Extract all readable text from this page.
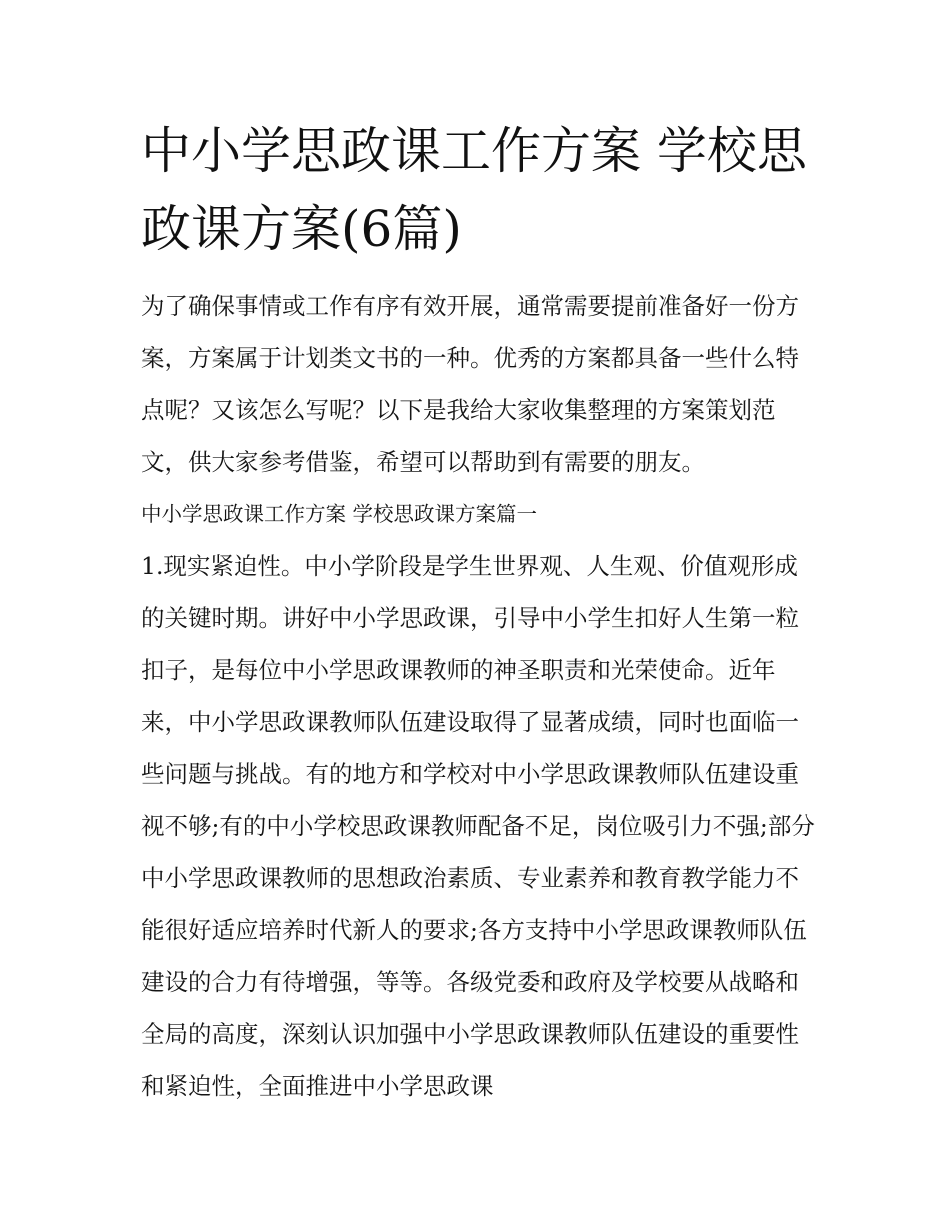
中小学思政课工作方案 学校思政课方案(6篇)

为了确保事情或工作有序有效开展，通常需要提前准备好一份方案，方案属于计划类文书的一种。优秀的方案都具备一些什么特点呢？又该怎么写呢？以下是我给大家收集整理的方案策划范文，供大家参考借鉴，希望可以帮助到有需要的朋友。

中小学思政课工作方案 学校思政课方案篇一

1.现实紧迫性。中小学阶段是学生世界观、人生观、价值观形成的关键时期。讲好中小学思政课，引导中小学生扣好人生第一粒扣子，是每位中小学思政课教师的神圣职责和光荣使命。近年来，中小学思政课教师队伍建设取得了显著成绩，同时也面临一些问题与挑战。有的地方和学校对中小学思政课教师队伍建设重视不够;有的中小学校思政课教师配备不足，岗位吸引力不强;部分中小学思政课教师的思想政治素质、专业素养和教育教学能力不能很好适应培养时代新人的要求;各方支持中小学思政课教师队伍建设的合力有待增强，等等。各级党委和政府及学校要从战略和全局的高度，深刻认识加强中小学思政课教师队伍建设的重要性和紧迫性，全面推进中小学思政课
